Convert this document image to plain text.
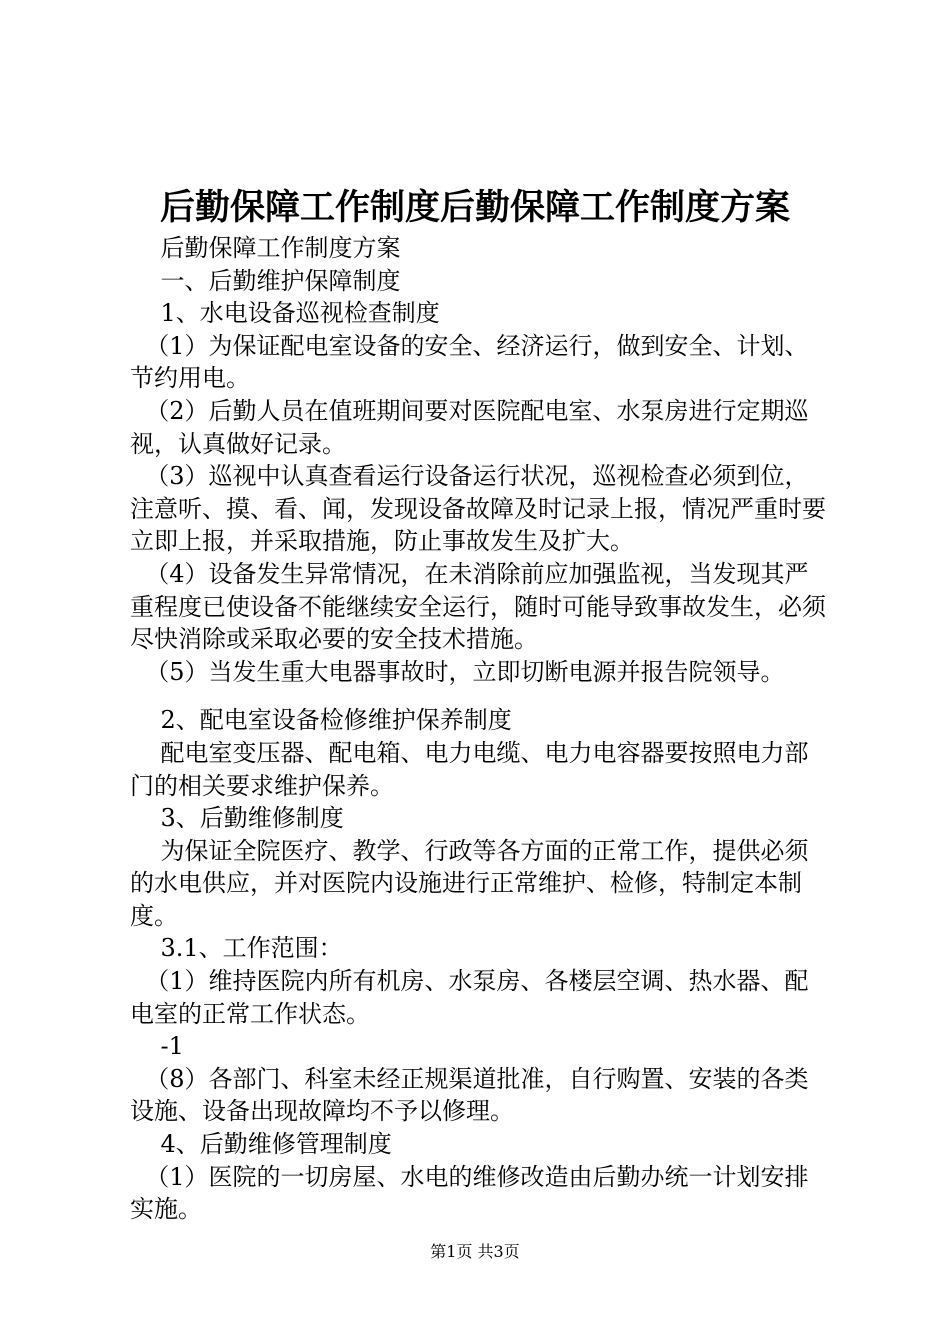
后勤保障工作制度后勤保障工作制度方案

后勤保障工作制度方案

一、后勤维护保障制度

1、水电设备巡视检查制度

（1）为保证配电室设备的安全、经济运行，做到安全、计划、节约用电。

（2）后勤人员在值班期间要对医院配电室、水泵房进行定期巡视，认真做好记录。

（3）巡视中认真查看运行设备运行状况，巡视检查必须到位，注意听、摸、看、闻，发现设备故障及时记录上报，情况严重时要立即上报，并采取措施，防止事故发生及扩大。

（4）设备发生异常情况，在未消除前应加强监视，当发现其严重程度已使设备不能继续安全运行，随时可能导致事故发生，必须尽快消除或采取必要的安全技术措施。

（5）当发生重大电器事故时，立即切断电源并报告院领导。

2、配电室设备检修维护保养制度

配电室变压器、配电箱、电力电缆、电力电容器要按照电力部门的相关要求维护保养。

3、后勤维修制度

为保证全院医疗、教学、行政等各方面的正常工作，提供必须的水电供应，并对医院内设施进行正常维护、检修，特制定本制度。

3.1、工作范围：

（1）维持医院内所有机房、水泵房、各楼层空调、热水器、配电室的正常工作状态。

-1

（8）各部门、科室未经正规渠道批准，自行购置、安装的各类设施、设备出现故障均不予以修理。

4、后勤维修管理制度

（1）医院的一切房屋、水电的维修改造由后勤办统一计划安排实施。

第1页 共3页
